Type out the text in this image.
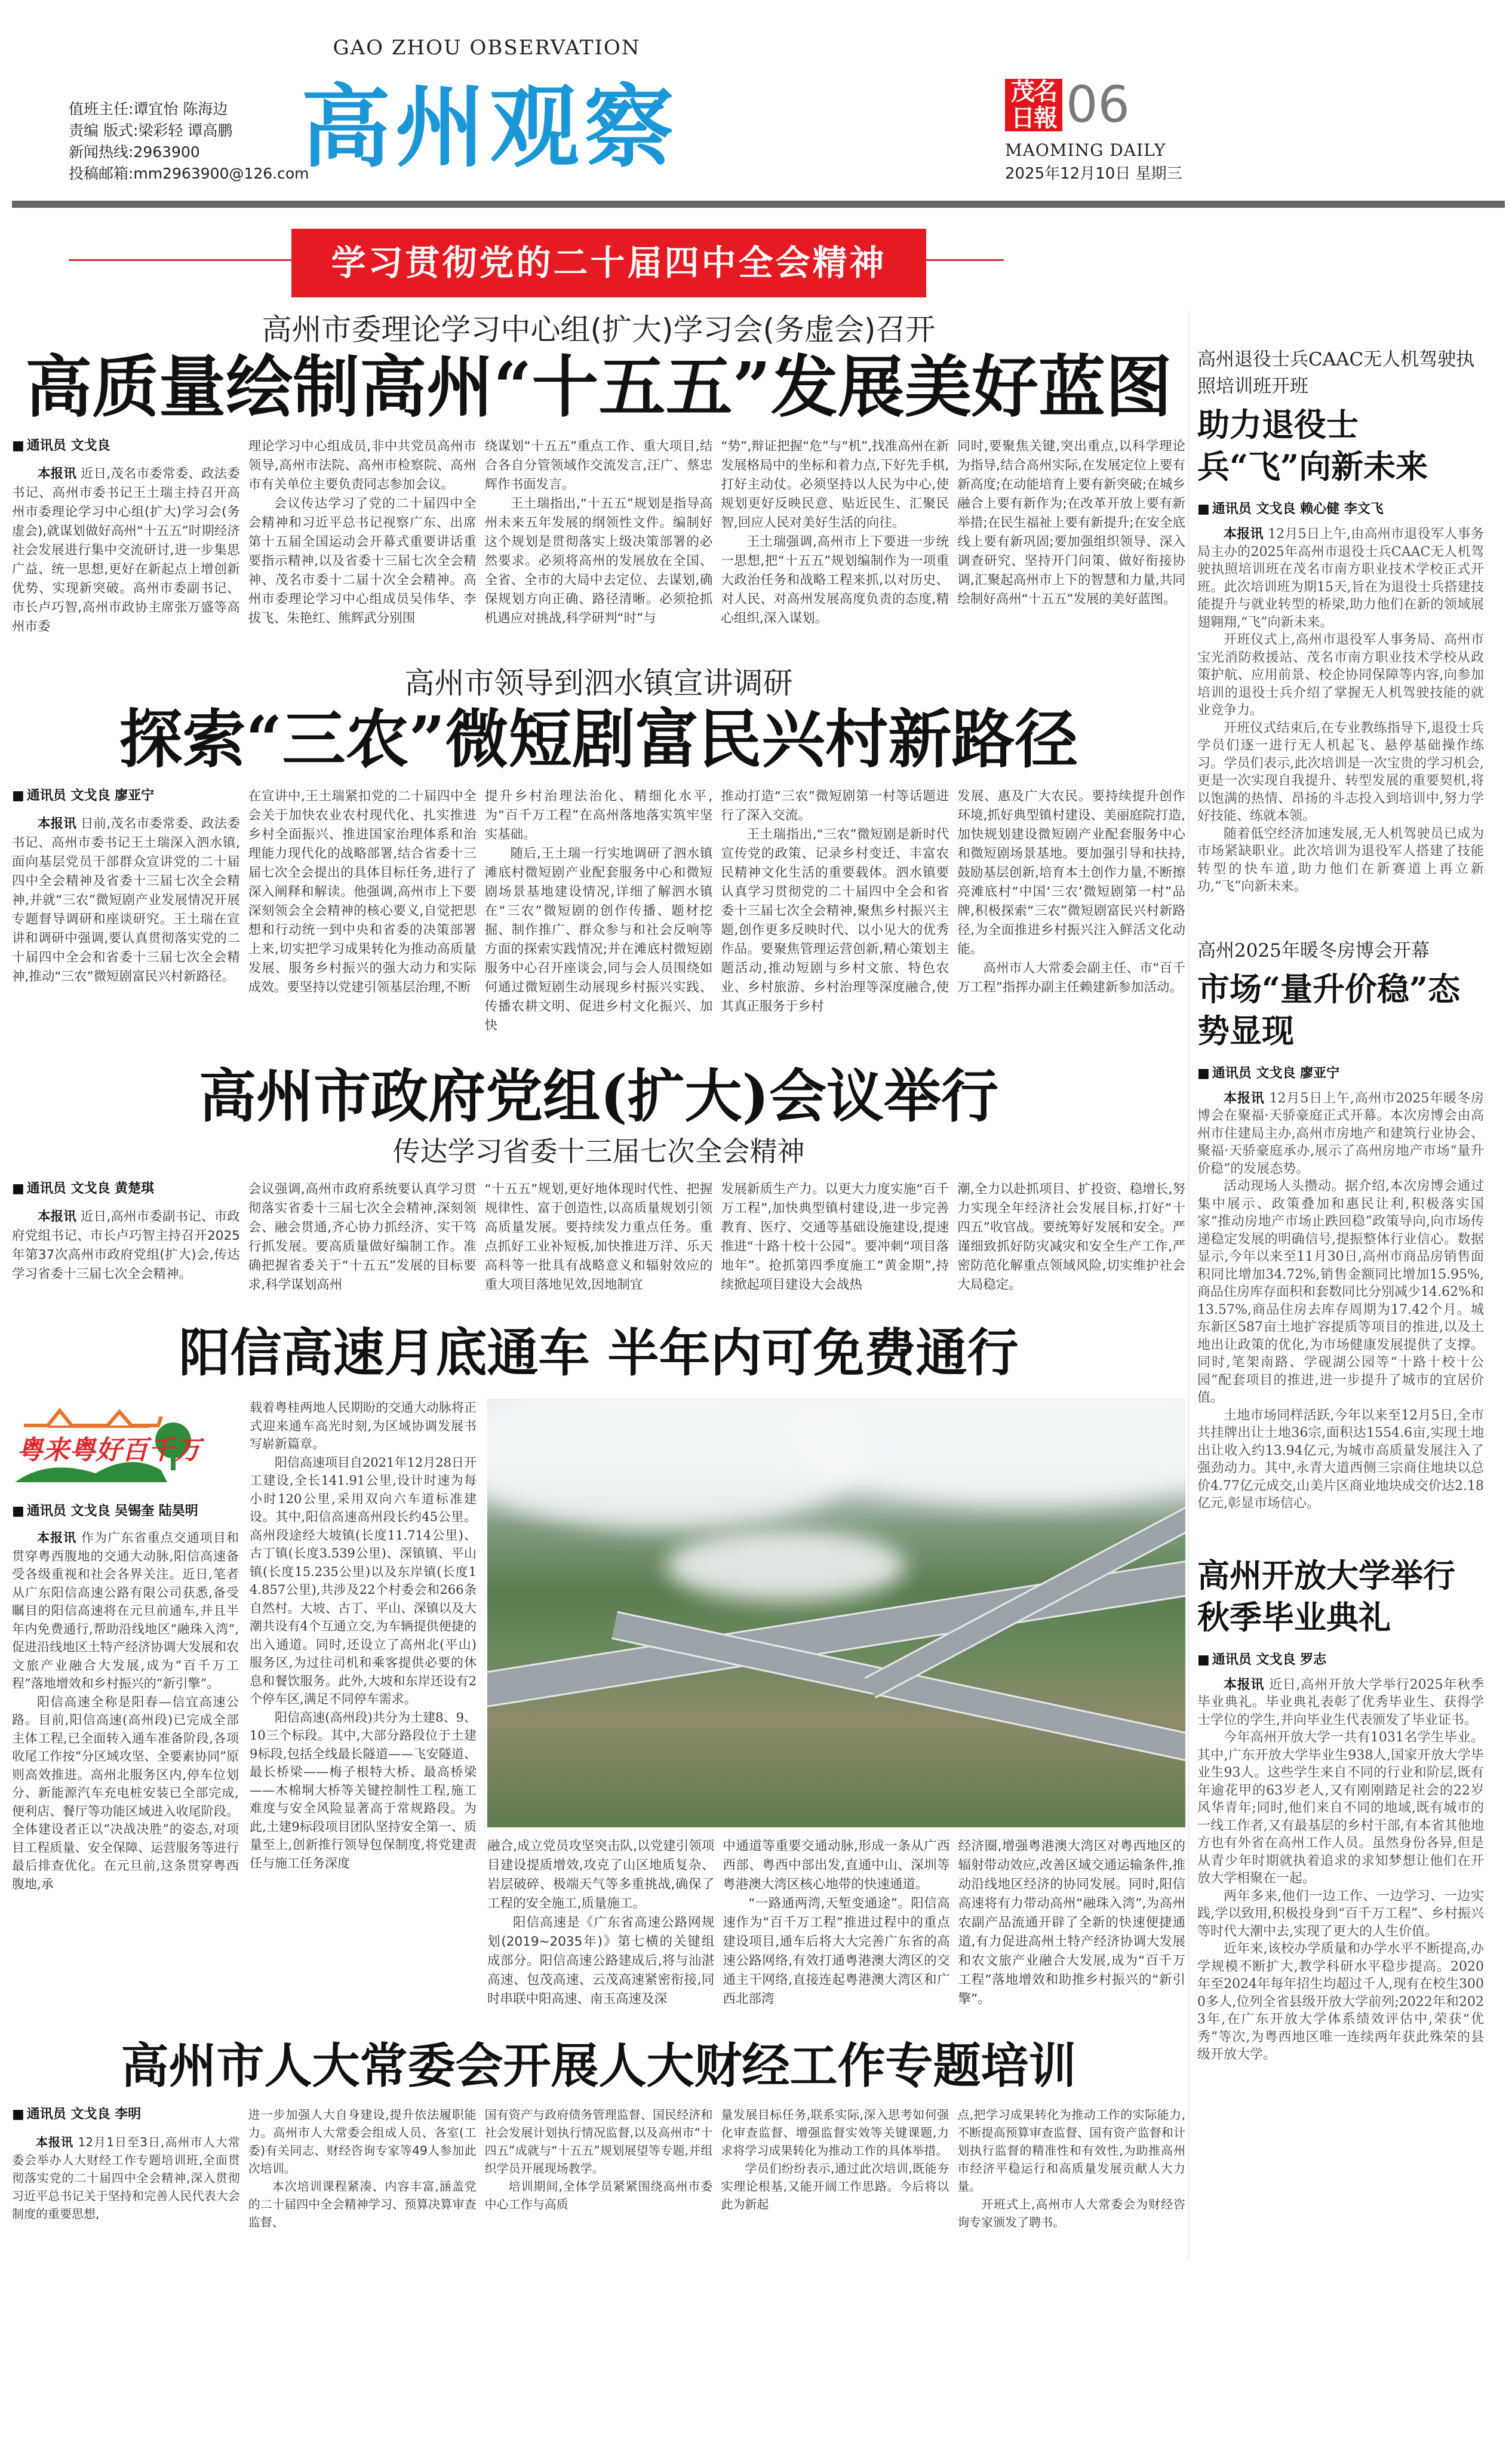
值班主任:谭宜怡 陈海边
责编 版式:梁彩轻 谭高鹏
新闻热线:2963900
投稿邮箱:mm2963900@126.com
GAO ZHOU OBSERVATION
高州观察	茂名日報 06
MAOMING DAILY
2025年12月10日 星期三
学习贯彻党的二十届四中全会精神
高州市委理论学习中心组(扩大)学习会(务虚会)召开
高质量绘制高州“十五五”发展美好蓝图
■ 通讯员 文戈良

本报讯 近日,茂名市委常委、政法委书记、高州市委书记王土瑞主持召开高州市委理论学习中心组(扩大)学习会(务虚会),就谋划做好高州“十五五”时期经济社会发展进行集中交流研讨,进一步集思广益、统一思想,更好在新起点上增创新优势、实现新突破。高州市委副书记、市长卢巧智,高州市政协主席张万盛等高州市委

理论学习中心组成员,非中共党员高州市领导,高州市法院、高州市检察院、高州市有关单位主要负责同志参加会议。

会议传达学习了党的二十届四中全会精神和习近平总书记视察广东、出席第十五届全国运动会开幕式重要讲话重要指示精神,以及省委十三届七次全会精神、茂名市委十二届十次全会精神。高州市委理论学习中心组成员吴伟华、李拔飞、朱艳红、熊辉武分别围

绕谋划“十五五”重点工作、重大项目,结合各自分管领域作交流发言,汪广、蔡忠辉作书面发言。

王土瑞指出,“十五五”规划是指导高州未来五年发展的纲领性文件。编制好这个规划是贯彻落实上级决策部署的必然要求。必须将高州的发展放在全国、全省、全市的大局中去定位、去谋划,确保规划方向正确、路径清晰。必须抢抓机遇应对挑战,科学研判“时”与

“势”,辩证把握“危”与“机”,找准高州在新发展格局中的坐标和着力点,下好先手棋,打好主动仗。必须坚持以人民为中心,使规划更好反映民意、贴近民生、汇聚民智,回应人民对美好生活的向往。

王土瑞强调,高州市上下要进一步统一思想,把“十五五”规划编制作为一项重大政治任务和战略工程来抓,以对历史、对人民、对高州发展高度负责的态度,精心组织,深入谋划。

同时,要聚焦关键,突出重点,以科学理论为指导,结合高州实际,在发展定位上要有新高度;在动能培育上要有新突破;在城乡融合上要有新作为;在改革开放上要有新举措;在民生福祉上要有新提升;在安全底线上要有新巩固;要加强组织领导、深入调查研究、坚持开门问策、做好衔接协调,汇聚起高州市上下的智慧和力量,共同绘制好高州“十五五”发展的美好蓝图。
高州市领导到泗水镇宣讲调研
探索“三农”微短剧富民兴村新路径
■ 通讯员 文戈良 廖亚宁

本报讯 日前,茂名市委常委、政法委书记、高州市委书记王土瑞深入泗水镇,面向基层党员干部群众宣讲党的二十届四中全会精神及省委十三届七次全会精神,并就“三农”微短剧产业发展情况开展专题督导调研和座谈研究。王土瑞在宣讲和调研中强调,要认真贯彻落实党的二十届四中全会和省委十三届七次全会精神,推动“三农”微短剧富民兴村新路径。

在宣讲中,王土瑞紧扣党的二十届四中全会关于加快农业农村现代化、扎实推进乡村全面振兴、推进国家治理体系和治理能力现代化的战略部署,结合省委十三届七次全会提出的具体目标任务,进行了深入阐释和解读。他强调,高州市上下要深刻领会全会精神的核心要义,自觉把思想和行动统一到中央和省委的决策部署上来,切实把学习成果转化为推动高质量发展、服务乡村振兴的强大动力和实际成效。要坚持以党建引领基层治理,不断

提升乡村治理法治化、精细化水平,为“百千万工程”在高州落地落实筑牢坚实基础。

随后,王土瑞一行实地调研了泗水镇滩底村微短剧产业配套服务中心和微短剧场景基地建设情况,详细了解泗水镇在“三农”微短剧的创作传播、题材挖掘、制作推广、群众参与和社会反响等方面的探索实践情况;并在滩底村微短剧服务中心召开座谈会,同与会人员围绕如何通过微短剧生动展现乡村振兴实践、传播农耕文明、促进乡村文化振兴、加快

推动打造“三农”微短剧第一村等话题进行了深入交流。

王土瑞指出,“三农”微短剧是新时代宣传党的政策、记录乡村变迁、丰富农民精神文化生活的重要载体。泗水镇要认真学习贯彻党的二十届四中全会和省委十三届七次全会精神,聚焦乡村振兴主题,创作更多反映时代、以小见大的优秀作品。要聚焦管理运营创新,精心策划主题活动,推动短剧与乡村文旅、特色农业、乡村旅游、乡村治理等深度融合,使其真正服务于乡村

发展、惠及广大农民。要持续提升创作环境,抓好典型镇村建设、美丽庭院打造,加快规划建设微短剧产业配套服务中心和微短剧场景基地。要加强引导和扶持,鼓励基层创新,培育本土创作力量,不断擦亮滩底村“中国‘三农’微短剧第一村”品牌,积极探索“三农”微短剧富民兴村新路径,为全面推进乡村振兴注入鲜活文化动能。

高州市人大常委会副主任、市“百千万工程”指挥办副主任赖建新参加活动。

高州市政府党组(扩大)会议举行
传达学习省委十三届七次全会精神
■ 通讯员 文戈良 黄楚琪

本报讯 近日,高州市委副书记、市政府党组书记、市长卢巧智主持召开2025年第37次高州市政府党组(扩大)会,传达学习省委十三届七次全会精神。

会议强调,高州市政府系统要认真学习贯彻落实省委十三届七次全会精神,深刻领会、融会贯通,齐心协力抓经济、实干笃行抓发展。要高质量做好编制工作。准确把握省委关于“十五五”发展的目标要求,科学谋划高州
“十五五”规划,更好地体现时代性、把握规律性、富于创造性,以高质量规划引领高质量发展。要持续发力重点任务。重点抓好工业补短板,加快推进万洋、乐天高科等一批具有战略意义和辐射效应的重大项目落地见效,因地制宜
发展新质生产力。以更大力度实施“百千万工程”,加快典型镇村建设,进一步完善教育、医疗、交通等基础设施建设,提速推进“十路十校十公园”。要冲刺“项目落地年”。抢抓第四季度施工“黄金期”,持续掀起项目建设大会战热
潮,全力以赴抓项目、扩投资、稳增长,努力实现全年经济社会发展目标,打好“十四五”收官战。要统筹好发展和安全。严谨细致抓好防灾减灾和安全生产工作,严密防范化解重点领域风险,切实维护社会大局稳定。
阳信高速月底通车 半年内可免费通行
粤来粤好百千万
■ 通讯员 文戈良 吴锡奎 陆昊明

本报讯 作为广东省重点交通项目和贯穿粤西腹地的交通大动脉,阳信高速备受各级重视和社会各界关注。近日,笔者从广东阳信高速公路有限公司获悉,备受瞩目的阳信高速将在元旦前通车,并且半年内免费通行,帮助沿线地区“融珠入湾”,促进沿线地区土特产经济协调大发展和农文旅产业融合大发展,成为“百千万工程”落地增效和乡村振兴的“新引擎”。

阳信高速全称是阳春—信宜高速公路。目前,阳信高速(高州段)已完成全部主体工程,已全面转入通车准备阶段,各项收尾工作按“分区域攻坚、全要素协同”原则高效推进。高州北服务区内,停车位划分、新能源汽车充电桩安装已全部完成,便利店、餐厅等功能区域进入收尾阶段。全体建设者正以“决战决胜”的姿态,对项目工程质量、安全保障、运营服务等进行最后排查优化。在元旦前,这条贯穿粤西腹地,承

载着粤桂两地人民期盼的交通大动脉将正式迎来通车高光时刻,为区域协调发展书写崭新篇章。

阳信高速项目自2021年12月28日开工建设,全长141.91公里,设计时速为每小时120公里,采用双向六车道标准建设。其中,阳信高速高州段长约45公里。高州段途经大坡镇(长度11.714公里)、古丁镇(长度3.539公里)、深镇镇、平山镇(长度15.235公里)以及东岸镇(长度14.857公里),共涉及22个村委会和266条自然村。大坡、古丁、平山、深镇以及大潮共设有4个互通立交,为车辆提供便捷的出入通道。同时,还设立了高州北(平山)服务区,为过往司机和乘客提供必要的休息和餐饮服务。此外,大坡和东岸还设有2个停车区,满足不同停车需求。

阳信高速(高州段)共分为土建8、9、10三个标段。其中,大部分路段位于土建9标段,包括全线最长隧道——飞安隧道、最长桥梁——梅子根特大桥、最高桥梁——木棉垌大桥等关键控制性工程,施工难度与安全风险显著高于常规路段。为此,土建9标段项目团队坚持安全第一、质量至上,创新推行领导包保制度,将党建责任与施工任务深度

融合,成立党员攻坚突击队,以党建引领项目建设提质增效,攻克了山区地质复杂、岩层破碎、极端天气等多重挑战,确保了工程的安全施工,质量施工。

阳信高速是《广东省高速公路网规划(2019~2035年)》第七横的关键组成部分。阳信高速公路建成后,将与汕湛高速、包茂高速、云茂高速紧密衔接,同时串联中阳高速、南玉高速及深

中通道等重要交通动脉,形成一条从广西西部、粤西中部出发,直通中山、深圳等粤港澳大湾区核心地带的快速通道。

“一路通两湾,天堑变通途”。阳信高速作为“百千万工程”推进过程中的重点建设项目,通车后将大大完善广东省的高速公路网络,有效打通粤港澳大湾区的交通主干网络,直接连起粤港澳大湾区和广西北部湾

经济圈,增强粤港澳大湾区对粤西地区的辐射带动效应,改善区域交通运输条件,推动沿线地区经济的协同发展。同时,阳信高速将有力带动高州“融珠入湾”,为高州农副产品流通开辟了全新的快速便捷通道,有力促进高州土特产经济协调大发展和农文旅产业融合大发展,成为“百千万工程”落地增效和助推乡村振兴的“新引擎”。
高州市人大常委会开展人大财经工作专题培训
■ 通讯员 文戈良 李明

本报讯 12月1日至3日,高州市人大常委会举办人大财经工作专题培训班,全面贯彻落实党的二十届四中全会精神,深入贯彻习近平总书记关于坚持和完善人民代表大会制度的重要思想,

进一步加强人大自身建设,提升依法履职能力。高州市人大常委会组成人员、各室(工委)有关同志、财经咨询专家等49人参加此次培训。

本次培训课程紧凑、内容丰富,涵盖党的二十届四中全会精神学习、预算决算审查监督、

国有资产与政府债务管理监督、国民经济和社会发展计划执行情况监督,以及高州市“十四五”成就与“十五五”规划展望等专题,并组织学员开展现场教学。

培训期间,全体学员紧紧围绕高州市委中心工作与高质

量发展目标任务,联系实际,深入思考如何强化审查监督、增强监督实效等关键课题,力求将学习成果转化为推动工作的具体举措。

学员们纷纷表示,通过此次培训,既能夯实理论根基,又能开阔工作思路。今后将以此为新起

点,把学习成果转化为推动工作的实际能力,不断提高预算审查监督、国有资产监督和计划执行监督的精准性和有效性,为助推高州市经济平稳运行和高质量发展贡献人大力量。

开班式上,高州市人大常委会为财经咨询专家颁发了聘书。

高州退役士兵CAAC无人机驾驶执照培训班开班
助力退役士兵“飞”向新未来
■ 通讯员 文戈良 赖心健 李文飞

本报讯 12月5日上午,由高州市退役军人事务局主办的2025年高州市退役士兵CAAC无人机驾驶执照培训班在茂名市南方职业技术学校正式开班。此次培训班为期15天,旨在为退役士兵搭建技能提升与就业转型的桥梁,助力他们在新的领域展翅翱翔,“飞”向新未来。

开班仪式上,高州市退役军人事务局、高州市宝光消防救援站、茂名市南方职业技术学校从政策护航、应用前景、校企协同保障等内容,向参加培训的退役士兵介绍了掌握无人机驾驶技能的就业竞争力。

开班仪式结束后,在专业教练指导下,退役士兵学员们逐一进行无人机起飞、悬停基础操作练习。学员们表示,此次培训是一次宝贵的学习机会,更是一次实现自我提升、转型发展的重要契机,将以饱满的热情、昂扬的斗志投入到培训中,努力学好技能、练就本领。

随着低空经济加速发展,无人机驾驶员已成为市场紧缺职业。此次培训为退役军人搭建了技能转型的快车道,助力他们在新赛道上再立新功,“飞”向新未来。

高州2025年暖冬房博会开幕
市场“量升价稳”态势显现
■ 通讯员 文戈良 廖亚宁

本报讯 12月5日上午,高州市2025年暖冬房博会在聚福·天骄豪庭正式开幕。本次房博会由高州市住建局主办,高州市房地产和建筑行业协会、聚福·天骄豪庭承办,展示了高州房地产市场“量升价稳”的发展态势。

活动现场人头攒动。据介绍,本次房博会通过集中展示、政策叠加和惠民让利,积极落实国家“推动房地产市场止跌回稳”政策导向,向市场传递稳定发展的明确信号,提振整体行业信心。数据显示,今年以来至11月30日,高州市商品房销售面积同比增加34.72%,销售金额同比增加15.95%,商品住房库存面积和套数同比分别减少14.62%和13.57%,商品住房去库存周期为17.42个月。城东新区587亩土地扩容提质等项目的推进,以及土地出让政策的优化,为市场健康发展提供了支撑。同时,笔架南路、学砚湖公园等“十路十校十公园”配套项目的推进,进一步提升了城市的宜居价值。

土地市场同样活跃,今年以来至12月5日,全市共挂牌出让土地36宗,面积达1554.6亩,实现土地出让收入约13.94亿元,为城市高质量发展注入了强劲动力。其中,永青大道西侧三宗商住地块以总价4.77亿元成交,山美片区商业地块成交价达2.18亿元,彰显市场信心。

高州开放大学举行秋季毕业典礼
■ 通讯员 文戈良 罗志

本报讯 近日,高州开放大学举行2025年秋季毕业典礼。毕业典礼表彰了优秀毕业生、获得学士学位的学生,并向毕业生代表颁发了毕业证书。

今年高州开放大学一共有1031名学生毕业。其中,广东开放大学毕业生938人,国家开放大学毕业生93人。这些学生来自不同的行业和阶层,既有年逾花甲的63岁老人,又有刚刚踏足社会的22岁风华青年;同时,他们来自不同的地域,既有城市的一线工作者,又有最基层的乡村干部,有本省其他地方也有外省在高州工作人员。虽然身份各异,但是从青少年时期就执着追求的求知梦想让他们在开放大学相聚在一起。

两年多来,他们一边工作、一边学习、一边实践,学以致用,积极投身到“百千万工程”、乡村振兴等时代大潮中去,实现了更大的人生价值。

近年来,该校办学质量和办学水平不断提高,办学规模不断扩大,教学科研水平稳步提高。2020年至2024年每年招生均超过千人,现有在校生3000多人,位列全省县级开放大学前列;2022年和2023年,在广东开放大学体系绩效评估中,荣获“优秀”等次,为粤西地区唯一连续两年获此殊荣的县级开放大学。
